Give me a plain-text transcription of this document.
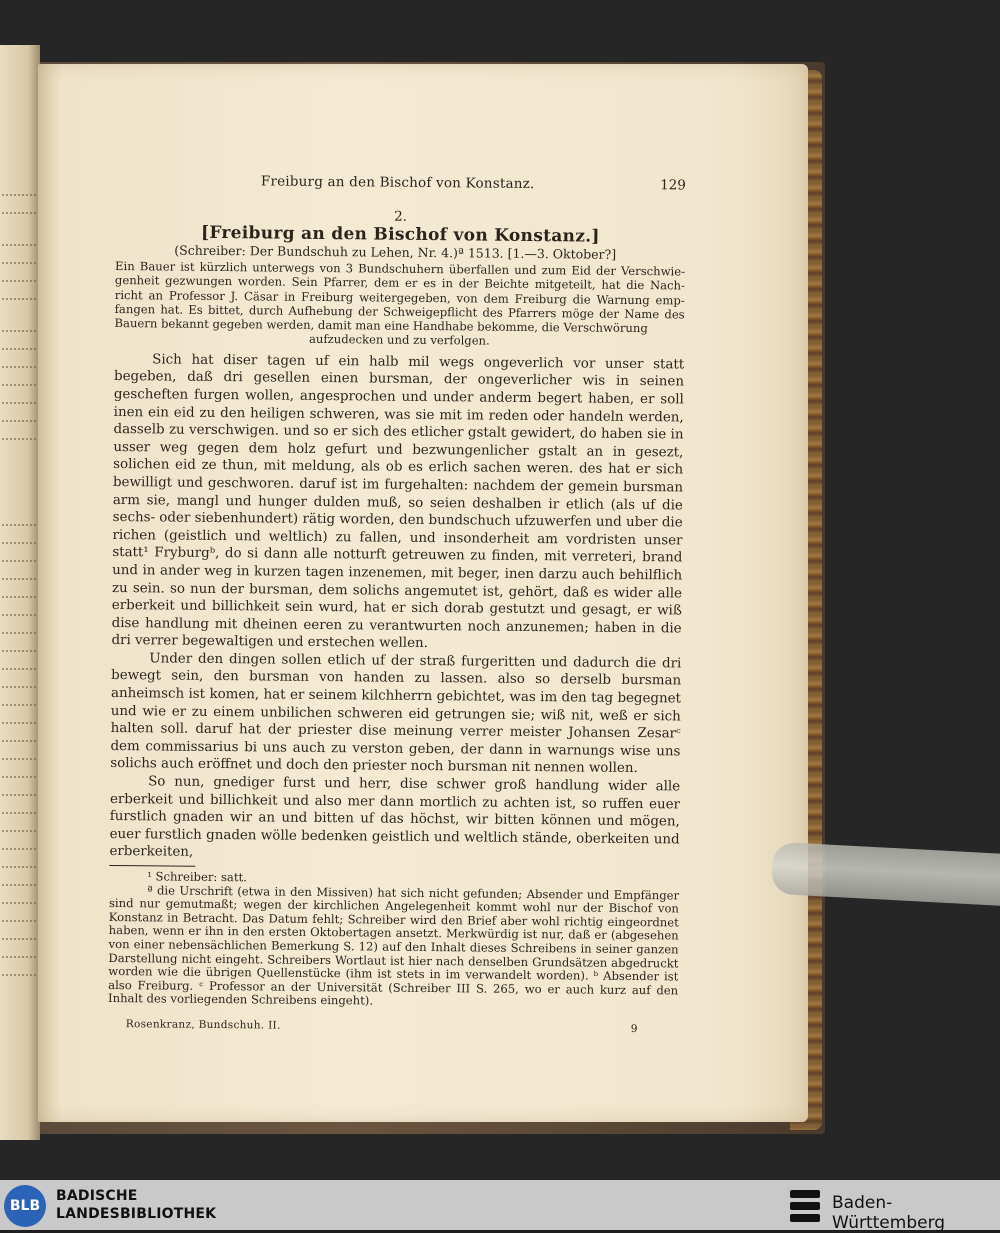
Freiburg an den Bischof von Konstanz.	129
2.
[Freiburg an den Bischof von Konstanz.]
(Schreiber: Der Bundschuh zu Lehen, Nr. 4.)ª 1513. [1.—3. Oktober?]
Ein Bauer ist kürzlich unterwegs von 3 Bundschuhern überfallen und zum Eid der Verschwie- genheit gezwungen worden. Sein Pfarrer, dem er es in der Beichte mitgeteilt, hat die Nach- richt an Professor J. Cäsar in Freiburg weitergegeben, von dem Freiburg die Warnung emp- fangen hat. Es bittet, durch Aufhebung der Schweigepflicht des Pfarrers möge der Name des Bauern bekannt gegeben werden, damit man eine Handhabe bekomme, die Verschwörung
aufzudecken und zu verfolgen.

Sich hat diser tagen uf ein halb mil wegs ongeverlich vor unser statt begeben, daß dri gesellen einen bursman, der ongeverlicher wis in seinen gescheften furgen wollen, angesprochen und under anderm begert haben, er soll inen ein eid zu den heiligen schweren, was sie mit im reden oder handeln werden, dasselb zu verschwigen. und so er sich des etlicher gstalt gewidert, do haben sie in usser weg gegen dem holz gefurt und bezwungenlicher gstalt an in gesezt, solichen eid ze thun, mit meldung, als ob es erlich sachen weren. des hat er sich bewilligt und geschworen. daruf ist im furgehalten: nachdem der gemein bursman arm sie, mangl und hunger dulden muß, so seien deshalben ir etlich (als uf die sechs- oder siebenhundert) rätig worden, den bundschuch ufzuwerfen und uber die richen (geistlich und weltlich) zu fallen, und insonderheit am vordristen unser statt¹ Fryburgᵇ, do si dann alle notturft getreuwen zu finden, mit verreteri, brand und in ander weg in kurzen tagen inzenemen, mit beger, inen darzu auch behilflich zu sein. so nun der bursman, dem solichs angemutet ist, gehört, daß es wider alle erberkeit und billichkeit sein wurd, hat er sich dorab gestutzt und gesagt, er wiß dise handlung mit dheinen eeren zu verantwurten noch anzunemen; haben in die dri verrer begewaltigen und erstechen wellen.

Under den dingen sollen etlich uf der straß furgeritten und dadurch die dri bewegt sein, den bursman von handen zu lassen. also so derselb bursman anheimsch ist komen, hat er seinem kilchherrn gebichtet, was im den tag begegnet und wie er zu einem unbilichen schweren eid getrungen sie; wiß nit, weß er sich halten soll. daruf hat der priester dise meinung verrer meister Johansen Zesarᶜ dem commissarius bi uns auch zu verston geben, der dann in warnungs wise uns solichs auch eröffnet und doch den priester noch bursman nit nennen wollen.

So nun, gnediger furst und herr, dise schwer groß handlung wider alle erberkeit und billichkeit und also mer dann mortlich zu achten ist, so ruffen euer furstlich gnaden wir an und bitten uf das höchst, wir bitten können und mögen, euer furstlich gnaden wölle bedenken geistlich und weltlich stände, oberkeiten und erberkeiten,

¹ Schreiber: satt.

ª die Urschrift (etwa in den Missiven) hat sich nicht gefunden; Absender und Empfänger sind nur gemutmaßt; wegen der kirchlichen Angelegenheit kommt wohl nur der Bischof von Konstanz in Betracht. Das Datum fehlt; Schreiber wird den Brief aber wohl richtig eingeordnet haben, wenn er ihn in den ersten Oktobertagen ansetzt. Merkwürdig ist nur, daß er (abgesehen von einer nebensächlichen Bemerkung S. 12) auf den Inhalt dieses Schreibens in seiner ganzen Darstellung nicht eingeht. Schreibers Wortlaut ist hier nach denselben Grundsätzen abgedruckt worden wie die übrigen Quellenstücke (ihm ist stets in im verwandelt worden). ᵇ Absender ist also Freiburg. ᶜ Professor an der Universität (Schreiber III S. 265, wo er auch kurz auf den Inhalt des vorliegenden Schreibens eingeht).

Rosenkranz, Bundschuh. II.	9
BLB
BADISCHE
LANDESBIBLIOTHEK
Baden-Württemberg
